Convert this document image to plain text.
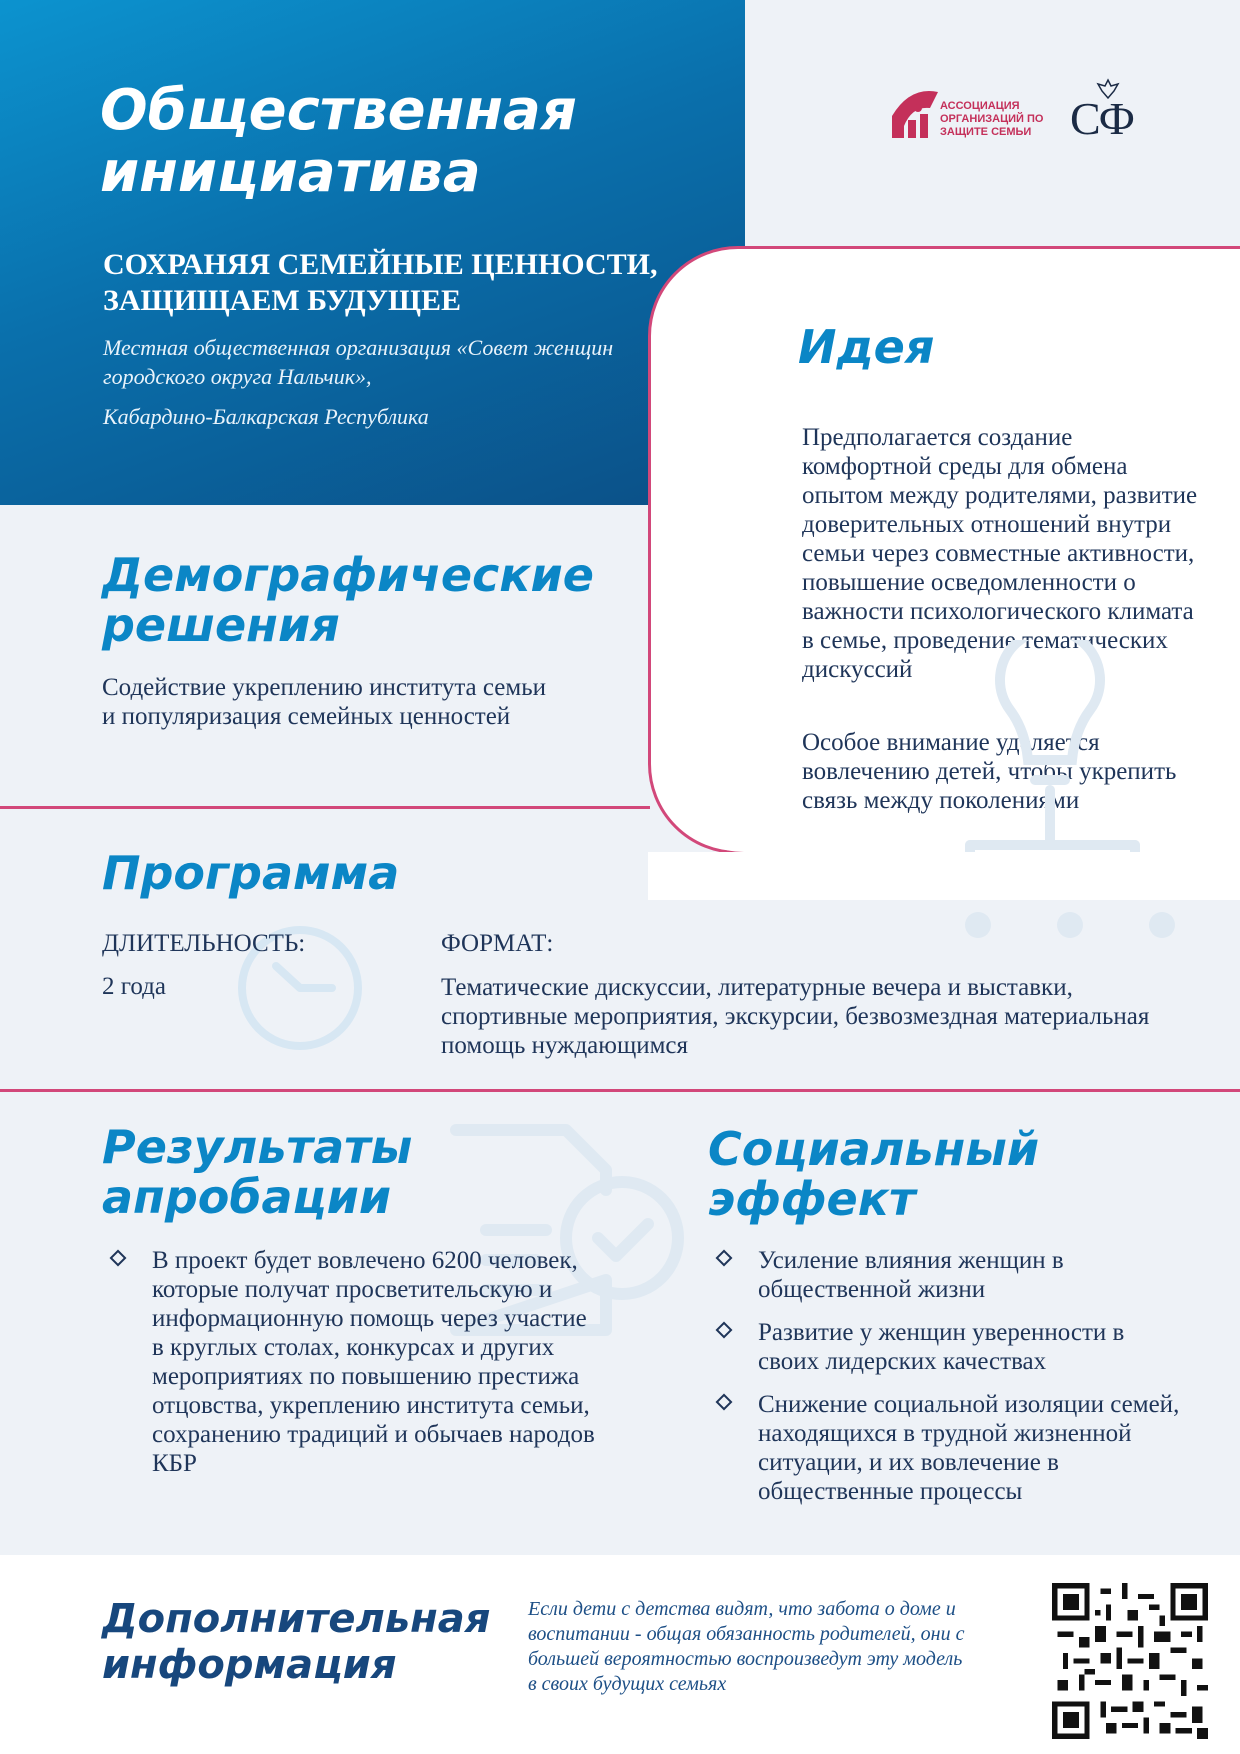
Общественная инициатива
СОХРАНЯЯ СЕМЕЙНЫЕ ЦЕННОСТИ, ЗАЩИЩАЕМ БУДУЩЕЕ
Местная общественная организация «Совет женщин городского округа Нальчик»,
Кабардино-Балкарская Республика
АССОЦИАЦИЯ ОРГАНИЗАЦИЙ ПО ЗАЩИТЕ СЕМЬИ СФ
Идея
Предполагается создание комфортной среды для обмена опытом между родителями, развитие доверительных отношений внутри семьи через совместные активности, повышение осведомленности о важности психологического климата в семье, проведение тематических дискуссий
Особое внимание уделяется вовлечению детей, чтобы укрепить связь между поколениями
Демографические решения
Содействие укреплению института семьи и популяризация семейных ценностей
Программа
ДЛИТЕЛЬНОСТЬ:
2 года
ФОРМАТ:
Тематические дискуссии, литературные вечера и выставки, спортивные мероприятия, экскурсии, безвозмездная материальная помощь нуждающимся
Результаты апробации
В проект будет вовлечено 6200 человек, которые получат просветительскую и информационную помощь через участие в круглых столах, конкурсах и других мероприятиях по повышению престижа отцовства, укреплению института семьи, сохранению традиций и обычаев народов КБР
Социальный эффект
Усиление влияния женщин в общественной жизни
Развитие у женщин уверенности в своих лидерских качествах
Снижение социальной изоляции семей, находящихся в трудной жизненной ситуации, и их вовлечение в общественные процессы
Дополнительная информация
Если дети с детства видят, что забота о доме и воспитании - общая обязанность родителей, они с большей вероятностью воспроизведут эту модель в своих будущих семьях
